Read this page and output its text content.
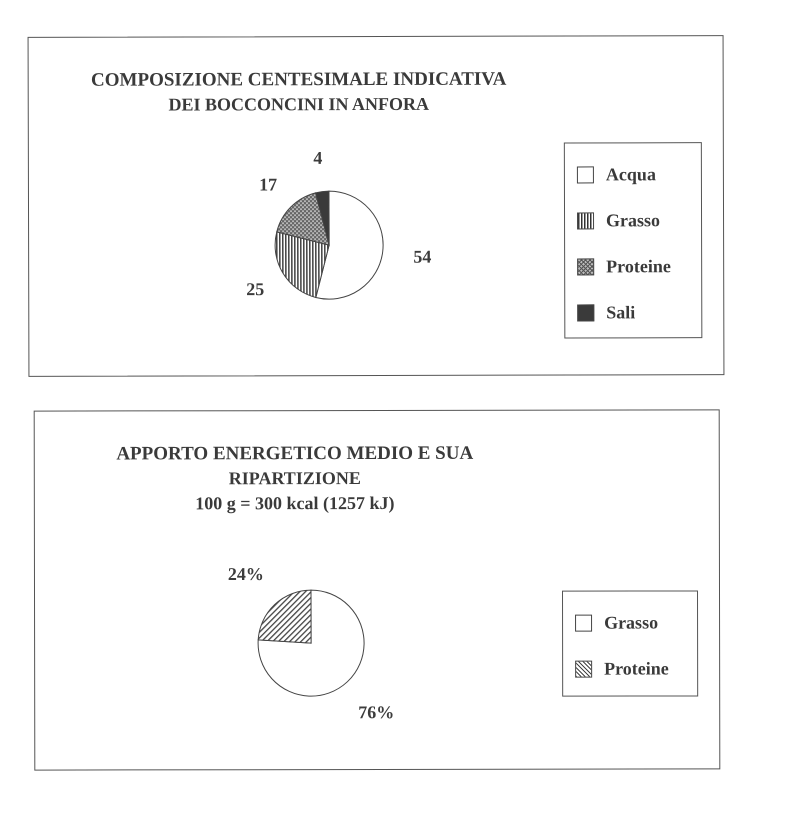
COMPOSIZIONE CENTESIMALE INDICATIVA
DEI BOCCONCINI IN ANFORA
54
25
17
4
Acqua
Grasso
Proteine
Sali
APPORTO ENERGETICO MEDIO E SUA
RIPARTIZIONE
100 g = 300 kcal (1257 kJ)
76%
24%
Grasso
Proteine
